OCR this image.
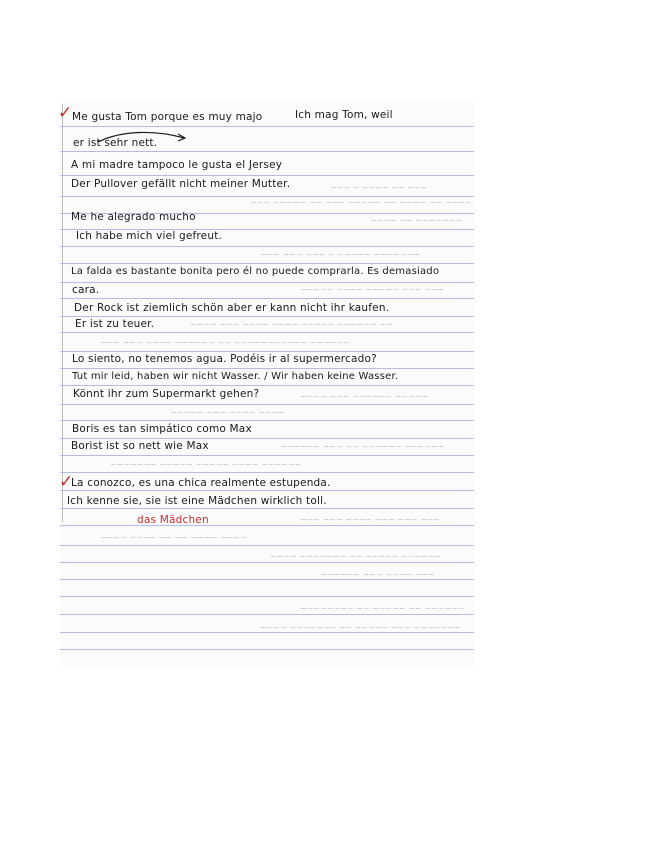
~~~ ~~ ~~~~ ~ ~~~
~~~~ ~~ ~~~~ ~~ ~~~~~ ~~~ ~~ ~~~~~ ~~~
~~~~~~~ ~~ ~~~~
~~~~~~~ ~~~~~ ~ ~~~ ~~~ ~~~
~~~ ~~~ ~~~~~ ~~~~ ~~~~~
~~ ~~~~~~ ~~~~~ ~~~~ ~~~~ ~~~ ~~~~
~~~~~~ ~~~~~~~~~~~ ~~ ~~~~~~ ~~~~ ~~~ ~~~
~~~~~ ~~~~~~ ~~~ ~~~~
~~~~ ~~~~ ~~~ ~~~~~
~~~~~~ ~~~~~~ ~~ ~~~ ~~~~~~
~~~~~~ ~~~~ ~~~~~ ~~~~~ ~~~~~~~
~~~ ~~~ ~~~ ~~~~ ~~~ ~~~
~~~~ ~~~~ ~~ ~~ ~~~~ ~~~~
~~~~~~ ~~~~~ ~~ ~~~~~~~ ~~~~
~~~ ~~~~ ~~~ ~~~~~~
~~~~~~ ~~ ~~~~~ ~~ ~~~~~~~~
~~~~~~~ ~~~ ~~~~~ ~~ ~~~~~~~ ~~~~
✓
✓
Me gusta Tom porque es muy majo	Ich mag Tom, weil
er ist sehr nett.
A mi madre tampoco le gusta el Jersey
Der Pullover gefällt nicht meiner Mutter.
Me he alegrado mucho
Ich habe mich viel gefreut.
La falda es bastante bonita pero él no puede comprarla. Es demasiado
cara.
Der Rock ist ziemlich schön aber er kann nicht ihr kaufen.
Er ist zu teuer.
Lo siento, no tenemos agua. Podéis ir al supermercado?
Tut mir leid, haben wir nicht Wasser. / Wir haben keine Wasser.
Könnt ihr zum Supermarkt gehen?
Boris es tan simpático como Max
Borist ist so nett wie Max
La conozco, es una chica realmente estupenda.
Ich kenne sie, sie ist eine Mädchen wirklich toll.
das Mädchen
